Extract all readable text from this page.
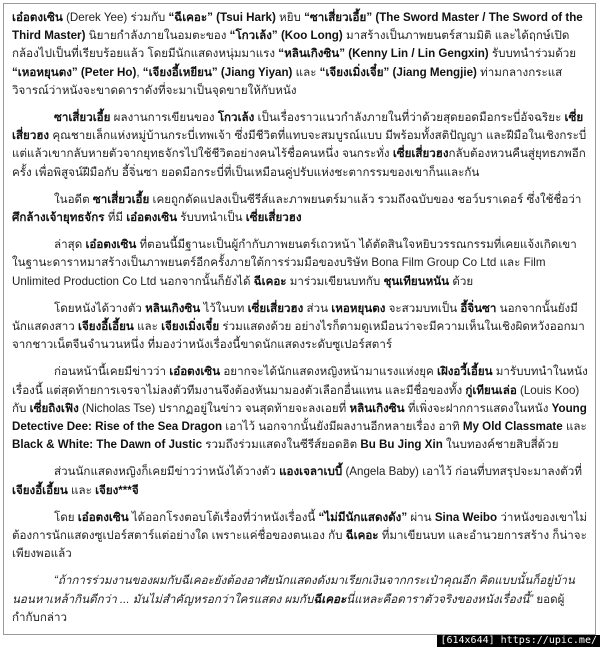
เอ๋อตงเซิน (Derek Yee) ร่วมกับ “ฉีเคอะ” (Tsui Hark) หยิบ “ซาเสี่ยวเอี้ย” (The Sword Master / The Sword of the Third Master) นิยายกำลังภายในอมตะของ “โกวเล้ง” (Koo Long) มาสร้างเป็นภาพยนตร์สามมิติ และได้ฤกษ์เปิดกล้องไปเป็นที่เรียบร้อยแล้ว โดยมีนักแสดงหนุ่มมาแรง “หลินเกิงซิน” (Kenny Lin / Lin Gengxin) รับบทนำร่วมด้วย “เหอหยุนตง” (Peter Ho), “เจียงอี้เหยียน” (Jiang Yiyan) และ “เจียงเมิ่งเจี๋ย” (Jiang Mengjie) ท่ามกลางกระแสวิจารณ์ว่าหนังจะขาดดาราดังที่จะมาเป็นจุดขายให้กับหนัง

ซาเสี่ยวเอี้ย ผลงานการเขียนของ โกวเล้ง เป็นเรื่องราวแนวกำลังภายในที่ว่าด้วยสุดยอดมือกระบี่อัจฉริยะ เซี่ยเสี่ยวฮง คุณชายเล็กแห่งหมู่บ้านกระบี่เทพเจ้า ซึ่งมีชีวิตที่แทบจะสมบูรณ์แบบ มีพร้อมทั้งสติปัญญา และฝีมือในเชิงกระบี่ แต่แล้วเขากลับหายตัวจากยุทธจักรไปใช้ชีวิตอย่างคนไร้ชื่อคนหนึ่ง จนกระทั่ง เซี่ยเสี่ยวฮงกลับต้องหวนคืนสู่ยุทธภพอีกครั้ง เพื่อพิสูจน์ฝีมือกับ อี้จิ่นซา ยอดมือกระบี่ที่เป็นเหมือนคู่ปรับแห่งชะตากรรมของเขาก็นและกัน

ในอดีต ซาเสี่ยวเอี้ย เคยถูกดัดแปลงเป็นซีรีส์และภาพยนตร์มาแล้ว รวมถึงฉบับของ ชอว์บราเดอร์ ซึ่งใช้ชื่อว่า ศึกล้างเจ้ายุทธจักร ที่มี เอ๋อตงเซิน รับบทนำเป็น เซี่ยเสี่ยวฮง

ล่าสุด เอ๋อตงเซิน ที่ตอนนี้มีฐานะเป็นผู้กำกับภาพยนตร์เถวหน้า ได้ตัดสินใจหยิบวรรณกรรมที่เคยแจ้งเกิดเขาในฐานะดาราหมาสร้างเป็นภาพยนตร์อีกครั้งภายใต้การร่วมมือของบริษัท Bona Film Group Co Ltd และ Film Unlimited Production Co Ltd นอกจากนั้นก็ยังได้ ฉีเคอะ มาร่วมเขียนบทกับ ชุนเทียนหนัน ด้วย

โดยหนังได้วางตัว หลินเกิงซิน ไว้ในบท เซี่ยเสี่ยวฮง ส่วน เหอหยุนตง จะสวมบทเป็น อี้จิ่นซา นอกจากนั้นยังมีนักแสดงสาว เจียงอี้เอี้ยน และ เจียงเมิ่งเจี๋ย ร่วมแสดงด้วย อย่างไรก็ตามดูเหมือนว่าจะมีความเห็นในเชิงผิดหวังออกมาจากชาวเน็ตจีนจำนวนหนึ่ง ที่มองว่าหนังเรื่องนี้ขาดนักแสดงระดับซูเปอร์สตาร์

ก่อนหน้านี้เคยมีข่าวว่า เอ๋อตงเซิน อยากจะได้นักแสดงหญิงหน้ามาแรงแห่งยุค เฝิงอวี้เอี้ยน มารับบทนำในหนังเรื่องนี้ แต่สุดท้ายการเจรจาไม่ลงตัวทีมงานจึงต้องหันมามองตัวเลือกอื่นแทน และมีชื่อของทั้ง กู่เทียนเล่อ (Louis Koo) กับ เซี่ยถิงเฟิง (Nicholas Tse) ปรากฏอยู่ในข่าว จนสุดท้ายจะลงเอยที่ หลินเกิงซิน ที่เพิ่งจะฝากการแสดงในหนัง Young Detective Dee: Rise of the Sea Dragon เอาไว้ นอกจากนั้นยังมีผลงานอีกหลายเรื่อง อาทิ My Old Classmate และ Black & White: The Dawn of Justic รวมถึงร่วมแสดงในซีรีส์ยอดฮิต Bu Bu Jing Xin ในบทองค์ชายสิบสี่ด้วย

ส่วนนักแสดงหญิงก็เคยมีข่าวว่าหนังได้วางตัว แองเจลาเบบี้ (Angela Baby) เอาไว้ ก่อนที่บทสรุปจะมาลงตัวที่ เจียงอี้เอี้ยน และ เจียง***จี

โดย เอ๋อตงเซิน ได้ออกโรงตอบโต้เรื่องที่ว่าหนังเรื่องนี้ “ไม่มีนักแสดงดัง” ผ่าน Sina Weibo ว่าหนังของเขาไม่ต้องการนักแสดงซูเปอร์สตาร์แต่อย่างใด เพราะแค่ชื่อของตนเอง กับ ฉีเคอะ ที่มาเขียนบท และอำนวยการสร้าง ก็น่าจะเพียงพอแล้ว

“ถ้าการร่วมงานของผมกับฉีเคอะยังต้องอาศัยนักแสดงดังมาเรียกเงินจากกระเป๋าคุณอีก คิดแบบนั้นก็อยู่บ้านนอนหาเหล้ากินดีกว่า ... มันไม่สำคัญหรอกว่าใครแสดง ผมกับฉีเคอะนี่แหละคือดาราตัวจริงของหนังเรื่องนี้” ยอดผู้กำกับกล่าว

[614x644] https://upic.me/
